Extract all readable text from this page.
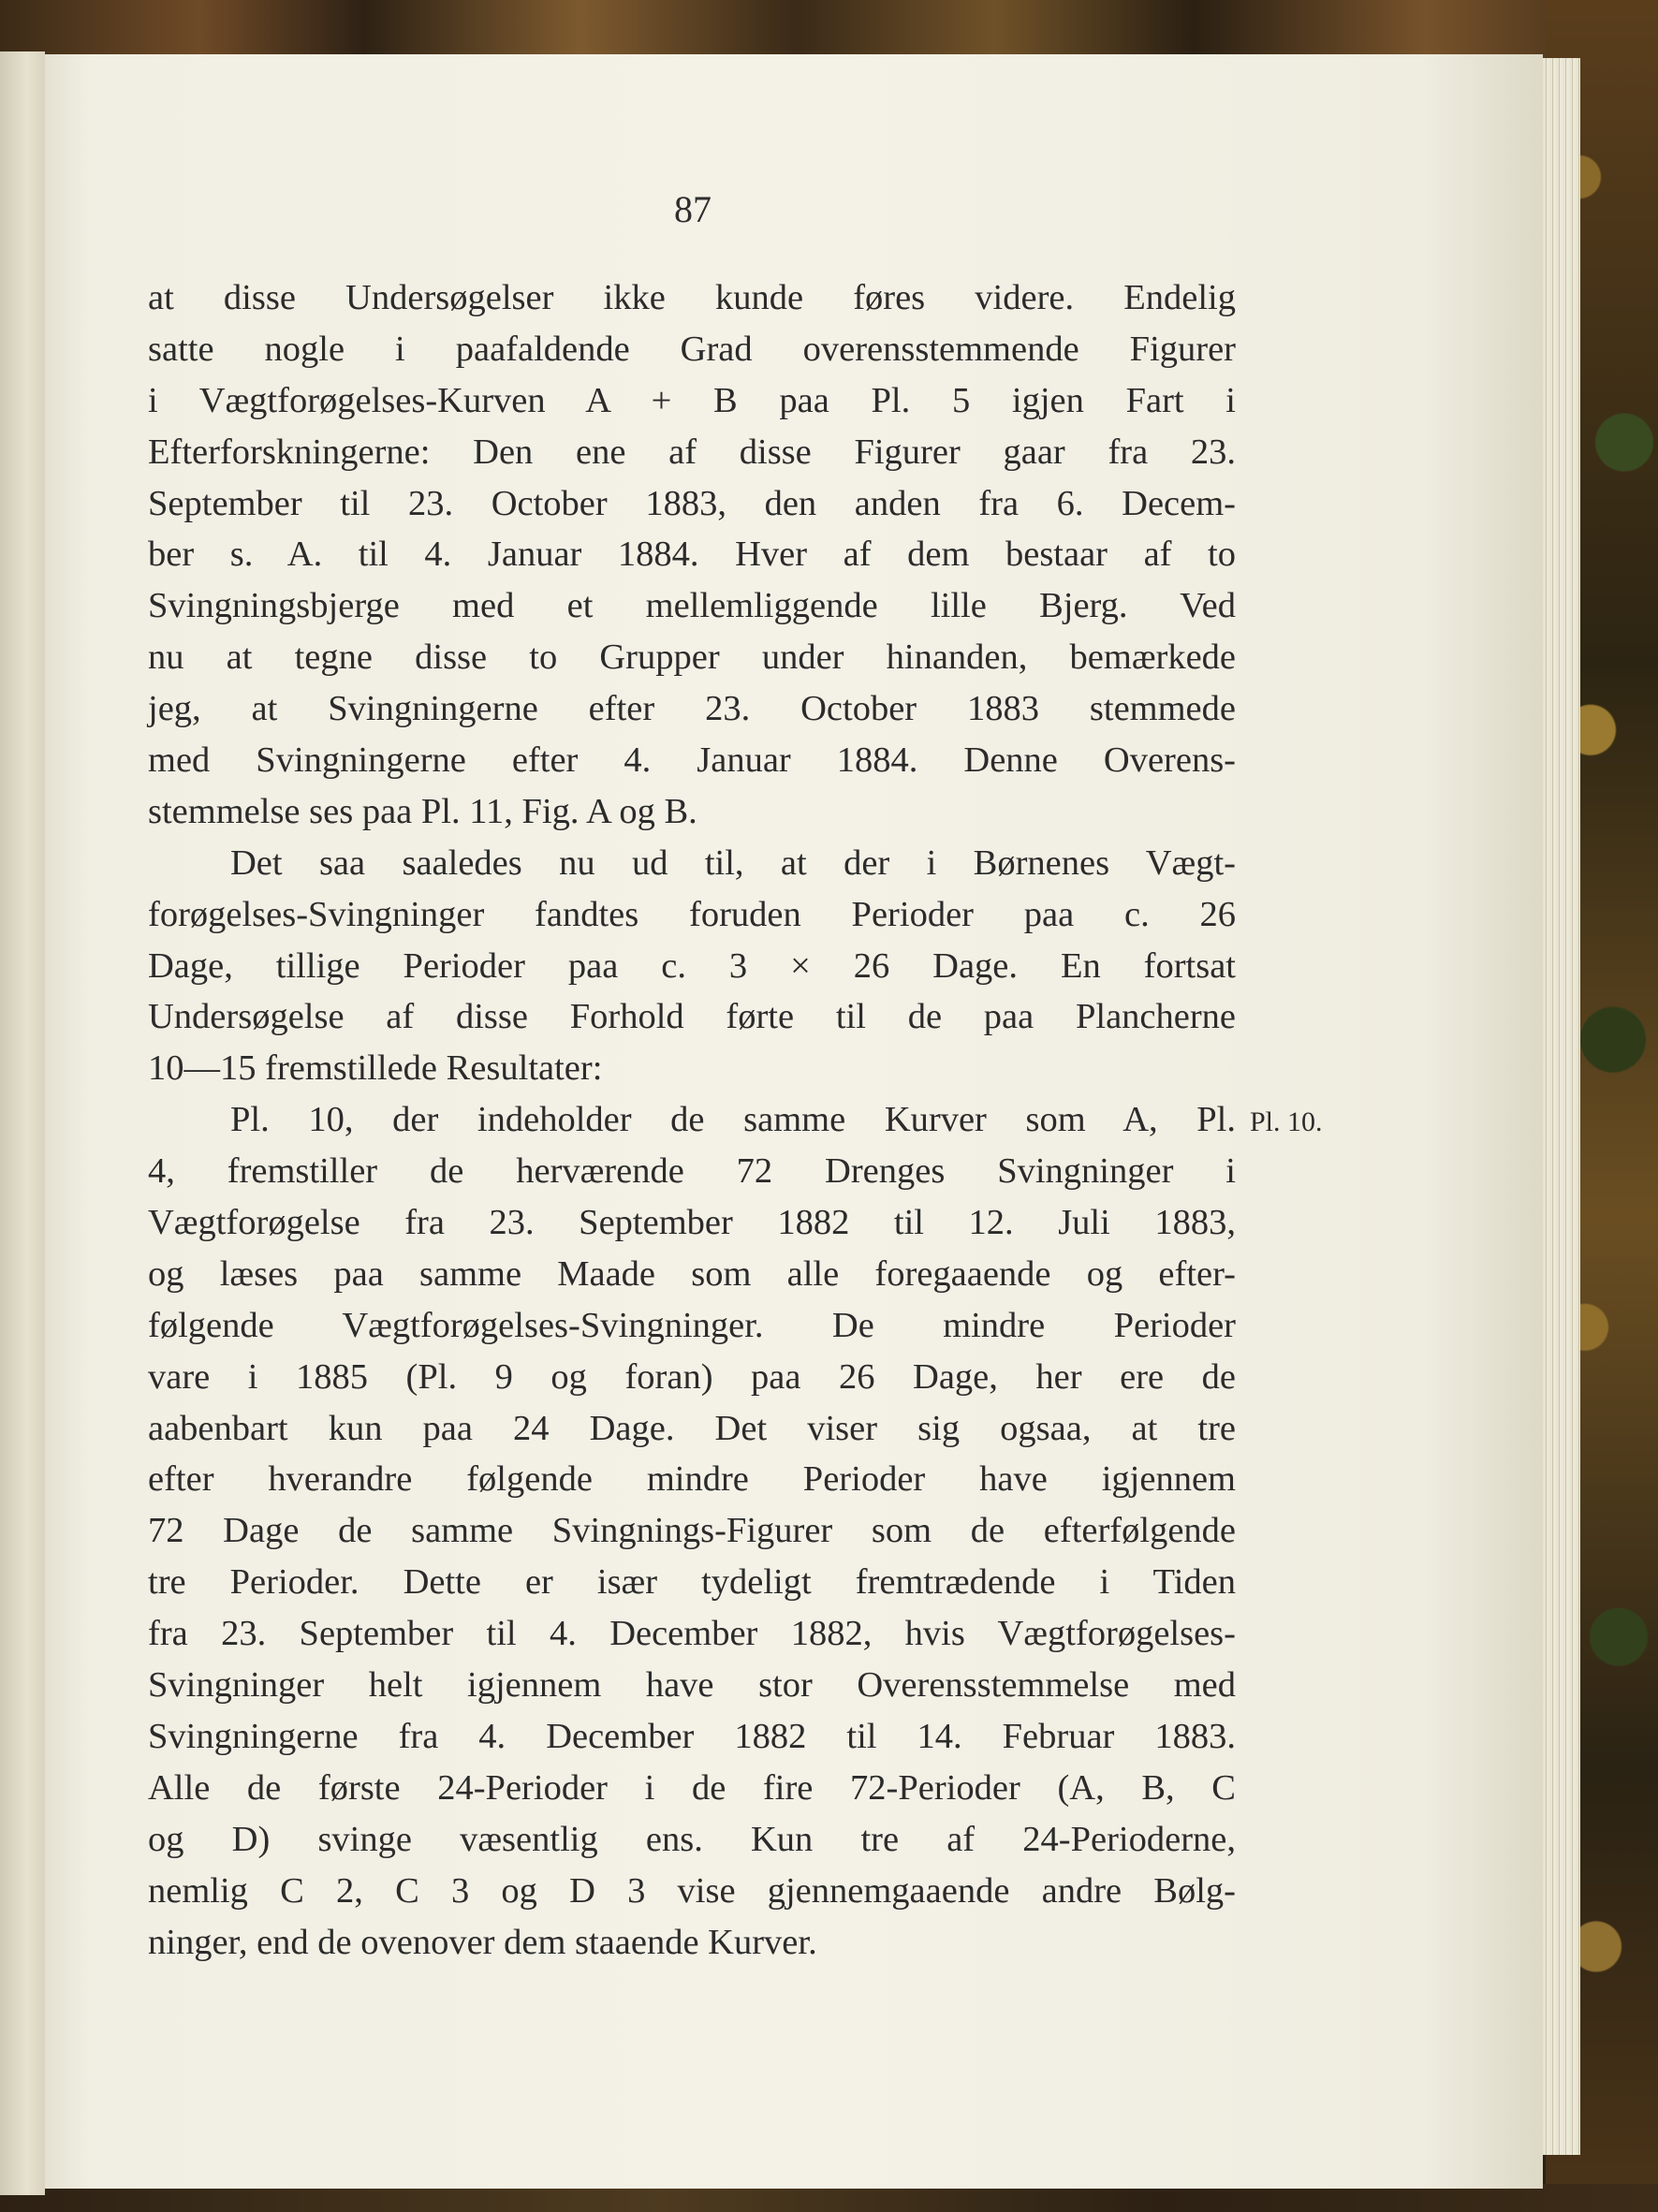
87
at disse Undersøgelser ikke kunde føres videre. Endelig
satte nogle i paafaldende Grad overensstemmende Figurer
i Vægtforøgelses-Kurven A + B paa Pl. 5 igjen Fart i
Efterforskningerne: Den ene af disse Figurer gaar fra 23.
September til 23. October 1883, den anden fra 6. Decem-
ber s. A. til 4. Januar 1884. Hver af dem bestaar af to
Svingningsbjerge med et mellemliggende lille Bjerg. Ved
nu at tegne disse to Grupper under hinanden, bemærkede
jeg, at Svingningerne efter 23. October 1883 stemmede
med Svingningerne efter 4. Januar 1884. Denne Overens-
stemmelse ses paa Pl. 11, Fig. A og B.
Det saa saaledes nu ud til, at der i Børnenes Vægt-
forøgelses-Svingninger fandtes foruden Perioder paa c. 26
Dage, tillige Perioder paa c. 3 × 26 Dage. En fortsat
Undersøgelse af disse Forhold førte til de paa Plancherne
10—15 fremstillede Resultater:
Pl. 10, der indeholder de samme Kurver som A, Pl.
4, fremstiller de herværende 72 Drenges Svingninger i
Vægtforøgelse fra 23. September 1882 til 12. Juli 1883,
og læses paa samme Maade som alle foregaaende og efter-
følgende Vægtforøgelses-Svingninger. De mindre Perioder
vare i 1885 (Pl. 9 og foran) paa 26 Dage, her ere de
aabenbart kun paa 24 Dage. Det viser sig ogsaa, at tre
efter hverandre følgende mindre Perioder have igjennem
72 Dage de samme Svingnings-Figurer som de efterfølgende
tre Perioder. Dette er især tydeligt fremtrædende i Tiden
fra 23. September til 4. December 1882, hvis Vægtforøgelses-
Svingninger helt igjennem have stor Overensstemmelse med
Svingningerne fra 4. December 1882 til 14. Februar 1883.
Alle de første 24-Perioder i de fire 72-Perioder (A, B, C
og D) svinge væsentlig ens. Kun tre af 24-Perioderne,
nemlig C 2, C 3 og D 3 vise gjennemgaaende andre Bølg-
ninger, end de ovenover dem staaende Kurver.
Pl. 10.
